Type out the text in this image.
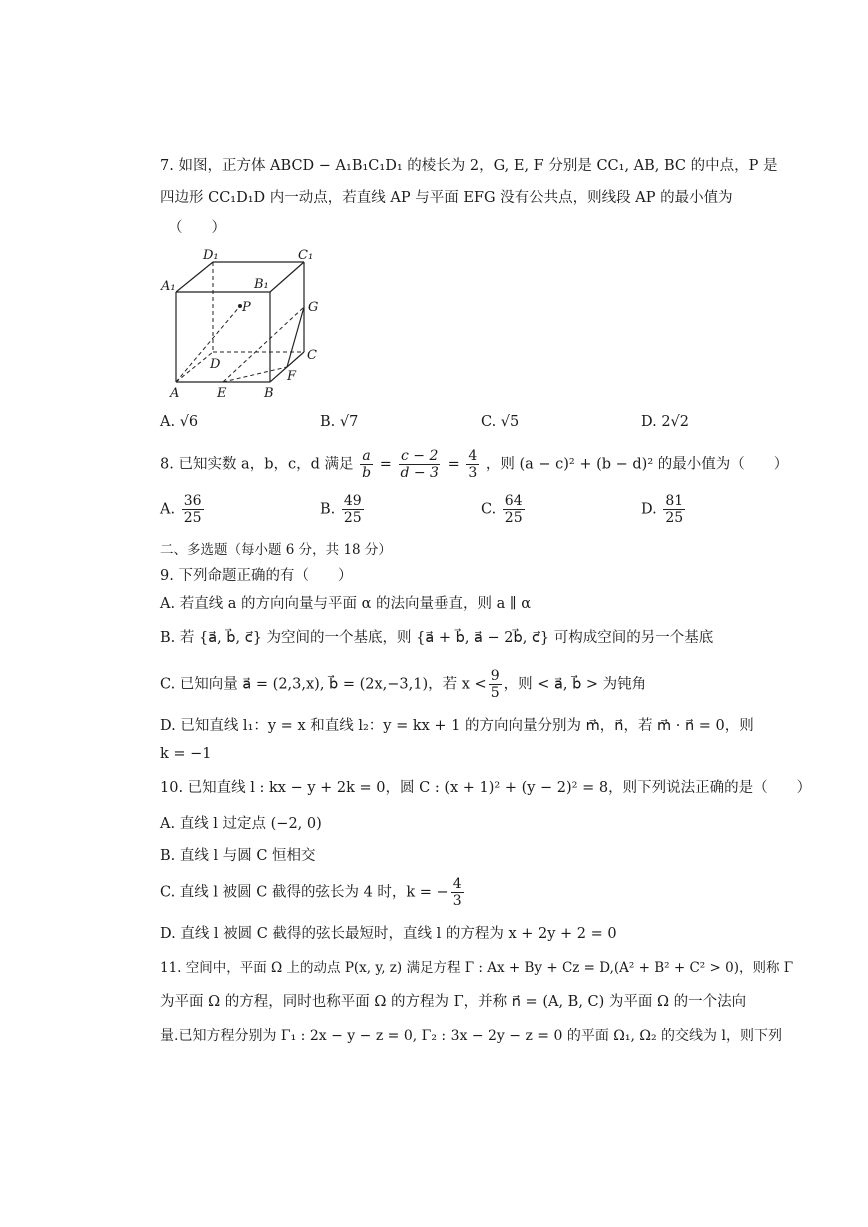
7. 如图，正方体 ABCD − A₁B₁C₁D₁ 的棱长为 2，G, E, F 分别是 CC₁, AB, BC 的中点，P 是
四边形 CC₁D₁D 内一动点，若直线 AP 与平面 EFG 没有公共点，则线段 AP 的最小值为
（　　）
D₁	C₁
A₁	B₁
P	G
D
C
F
A	E	B
A. √6	B. √7	C. √5	D. 2√2
8. 已知实数 a，b，c，d 满足 $\frac{a}{b} = \frac{c - 2}{d - 3} = \frac{4}{3}$ ，则 (a − c)² + (b − d)² 的最小值为（　　）
A. $\frac{36}{25}$	B. $\frac{49}{25}$	C. $\frac{64}{25}$	D. $\frac{81}{25}$
二、多选题（每小题 6 分，共 18 分）
9. 下列命题正确的有（　　）
A. 若直线 a 的方向向量与平面 α 的法向量垂直，则 a ∥ α
B. 若 {a⃗, b⃗, c⃗} 为空间的一个基底，则 {a⃗ + b⃗, a⃗ − 2b⃗, c⃗} 可构成空间的另一个基底
C. 已知向量 a⃗ = (2,3,x), b⃗ = (2x,−3,1)，若 $x < \frac{9}{5}$ ，则 < a⃗, b⃗ > 为钝角
D. 已知直线 l₁：y = x 和直线 l₂：y = kx + 1 的方向向量分别为 m⃗，n⃗，若 m⃗ · n⃗ = 0，则
k = −1
10. 已知直线 l : kx − y + 2k = 0，圆 C : (x + 1)² + (y − 2)² = 8，则下列说法正确的是（　　）
A. 直线 l 过定点 (−2, 0)
B. 直线 l 与圆 C 恒相交
C. 直线 l 被圆 C 截得的弦长为 4 时，k = − $\frac{4}{3}$
D. 直线 l 被圆 C 截得的弦长最短时，直线 l 的方程为 x + 2y + 2 = 0
11. 空间中，平面 Ω 上的动点 P(x, y, z) 满足方程 Γ : Ax + By + Cz = D,(A² + B² + C² > 0)，则称 Γ
为平面 Ω 的方程，同时也称平面 Ω 的方程为 Γ，并称 n⃗ = (A, B, C) 为平面 Ω 的一个法向
量.已知方程分别为 Γ₁ : 2x − y − z = 0, Γ₂ : 3x − 2y − z = 0 的平面 Ω₁, Ω₂ 的交线为 l，则下列
